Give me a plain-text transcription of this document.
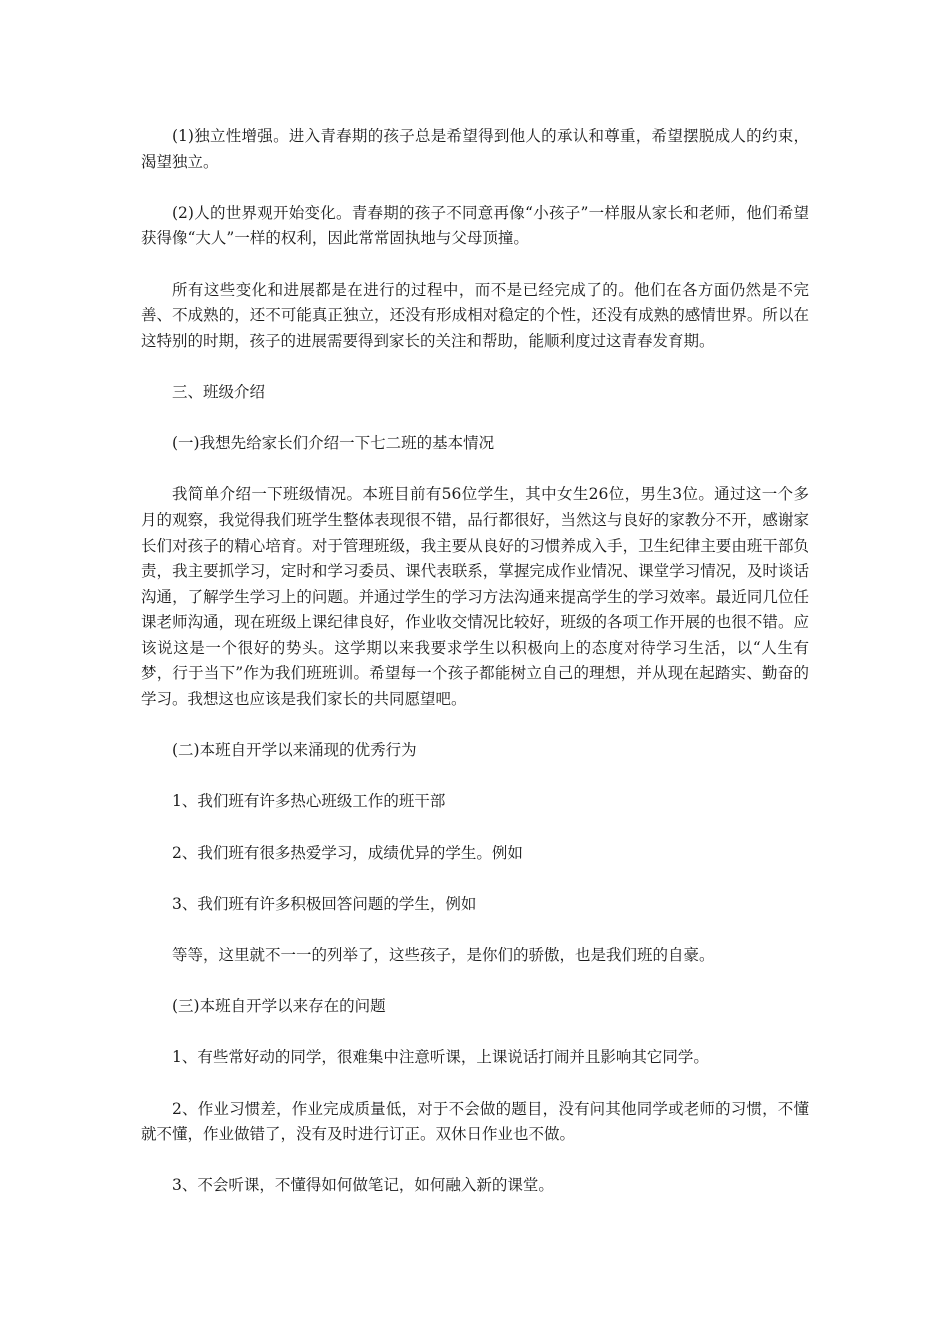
(1)独立性增强。进入青春期的孩子总是希望得到他人的承认和尊重，希望摆脱成人的约束，渴望独立。

(2)人的世界观开始变化。青春期的孩子不同意再像“小孩子”一样服从家长和老师，他们希望获得像“大人”一样的权利，因此常常固执地与父母顶撞。

所有这些变化和进展都是在进行的过程中，而不是已经完成了的。他们在各方面仍然是不完善、不成熟的，还不可能真正独立，还没有形成相对稳定的个性，还没有成熟的感情世界。所以在这特别的时期，孩子的进展需要得到家长的关注和帮助，能顺利度过这青春发育期。

三、班级介绍

(一)我想先给家长们介绍一下七二班的基本情况

我简单介绍一下班级情况。本班目前有56位学生，其中女生26位，男生3位。通过这一个多月的观察，我觉得我们班学生整体表现很不错，品行都很好，当然这与良好的家教分不开，感谢家长们对孩子的精心培育。对于管理班级，我主要从良好的习惯养成入手，卫生纪律主要由班干部负责，我主要抓学习，定时和学习委员、课代表联系，掌握完成作业情况、课堂学习情况，及时谈话沟通，了解学生学习上的问题。并通过学生的学习方法沟通来提高学生的学习效率。最近同几位任课老师沟通，现在班级上课纪律良好，作业收交情况比较好，班级的各项工作开展的也很不错。应该说这是一个很好的势头。这学期以来我要求学生以积极向上的态度对待学习生活，以“人生有梦，行于当下”作为我们班班训。希望每一个孩子都能树立自己的理想，并从现在起踏实、勤奋的学习。我想这也应该是我们家长的共同愿望吧。

(二)本班自开学以来涌现的优秀行为

1、我们班有许多热心班级工作的班干部

2、我们班有很多热爱学习，成绩优异的学生。例如

3、我们班有许多积极回答问题的学生，例如

等等，这里就不一一的列举了，这些孩子，是你们的骄傲，也是我们班的自豪。

(三)本班自开学以来存在的问题

1、有些常好动的同学，很难集中注意听课，上课说话打闹并且影响其它同学。

2、作业习惯差，作业完成质量低，对于不会做的题目，没有问其他同学或老师的习惯，不懂就不懂，作业做错了，没有及时进行订正。双休日作业也不做。

3、不会听课，不懂得如何做笔记，如何融入新的课堂。
